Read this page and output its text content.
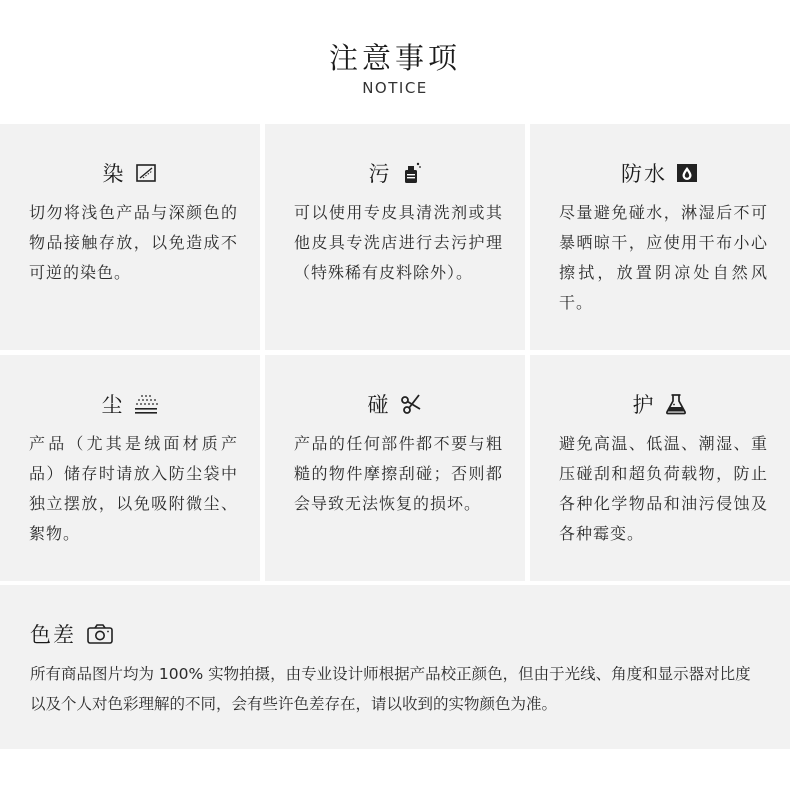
注意事项
NOTICE
染
切勿将浅色产品与深颜色的物品接触存放，以免造成不可逆的染色。
污
可以使用专皮具清洗剂或其他皮具专洗店进行去污护理（特殊稀有皮料除外）。
防水
尽量避免碰水，淋湿后不可暴晒晾干，应使用干布小心擦拭，放置阴凉处自然风干。
尘
产品（尤其是绒面材质产品）储存时请放入防尘袋中独立摆放，以免吸附微尘、絮物。
碰
产品的任何部件都不要与粗糙的物件摩擦刮碰；否则都会导致无法恢复的损坏。
护
避免高温、低温、潮湿、重压碰刮和超负荷载物，防止各种化学物品和油污侵蚀及各种霉变。
色差
所有商品图片均为 100% 实物拍摄，由专业设计师根据产品校正颜色，但由于光线、角度和显示器对比度以及个人对色彩理解的不同，会有些许色差存在，请以收到的实物颜色为准。
